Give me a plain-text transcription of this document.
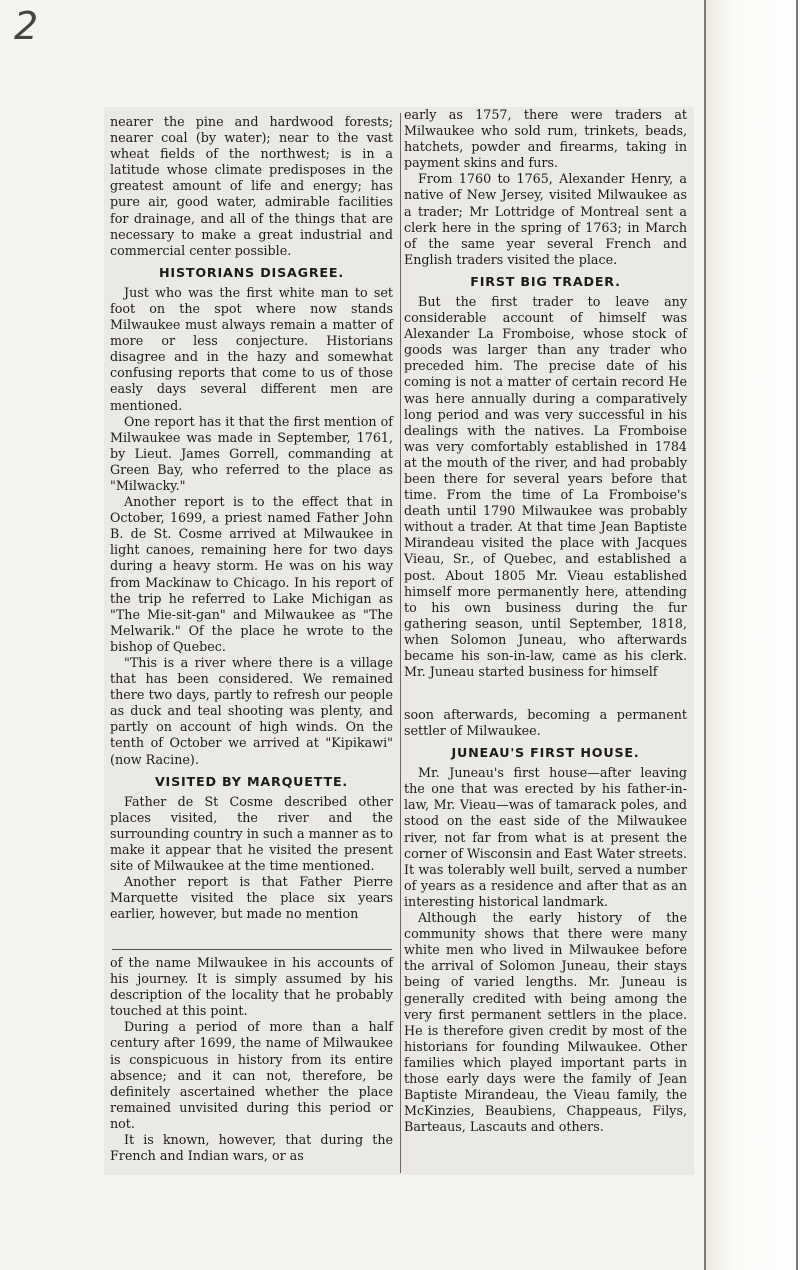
2

nearer the pine and hardwood forests; nearer coal (by water); near to the vast wheat fields of the northwest; is in a latitude whose climate predisposes in the greatest amount of life and energy; has pure air, good water, admirable facilities for drainage, and all of the things that are necessary to make a great industrial and commercial center possible.

HISTORIANS DISAGREE.

Just who was the first white man to set foot on the spot where now stands Milwaukee must always remain a matter of more or less conjecture. Historians disagree and in the hazy and somewhat confusing reports that come to us of those easly days several different men are mentioned.

One report has it that the first mention of Milwaukee was made in September, 1761, by Lieut. James Gorrell, commanding at Green Bay, who referred to the place as "Milwacky."

Another report is to the effect that in October, 1699, a priest named Father John B. de St. Cosme arrived at Milwaukee in light canoes, remaining here for two days during a heavy storm. He was on his way from Mackinaw to Chicago. In his report of the trip he referred to Lake Michigan as "The Mie-sit-gan" and Milwaukee as "The Melwarik." Of the place he wrote to the bishop of Quebec.

"This is a river where there is a village that has been considered. We remained there two days, partly to refresh our people as duck and teal shooting was plenty, and partly on account of high winds. On the tenth of October we arrived at "Kipikawi" (now Racine).

VISITED BY MARQUETTE.

Father de St Cosme described other places visited, the river and the surrounding country in such a manner as to make it appear that he visited the present site of Milwaukee at the time mentioned.

Another report is that Father Pierre Marquette visited the place six years earlier, however, but made no mention

of the name Milwaukee in his accounts of his journey. It is simply assumed by his description of the locality that he probably touched at this point.

During a period of more than a half century after 1699, the name of Milwaukee is conspicuous in history from its entire absence; and it can not, therefore, be definitely ascertained whether the place remained unvisited during this period or not.

It is known, however, that during the French and Indian wars, or as

early as 1757, there were traders at Milwaukee who sold rum, trinkets, beads, hatchets, powder and firearms, taking in payment skins and furs.

From 1760 to 1765, Alexander Henry, a native of New Jersey, visited Milwaukee as a trader; Mr Lottridge of Montreal sent a clerk here in the spring of 1763; in March of the same year several French and English traders visited the place.

FIRST BIG TRADER.

But the first trader to leave any considerable account of himself was Alexander La Fromboise, whose stock of goods was larger than any trader who preceded him. The precise date of his coming is not a matter of certain record He was here annually during a comparatively long period and was very successful in his dealings with the natives. La Fromboise was very comfortably established in 1784 at the mouth of the river, and had probably been there for several years before that time. From the time of La Fromboise's death until 1790 Milwaukee was probably without a trader. At that time Jean Baptiste Mirandeau visited the place with Jacques Vieau, Sr., of Quebec, and established a post. About 1805 Mr. Vieau established himself more permanently here, attending to his own business during the fur gathering season, until September, 1818, when Solomon Juneau, who afterwards became his son-in-law, came as his clerk. Mr. Juneau started business for himself

soon afterwards, becoming a permanent settler of Milwaukee.

JUNEAU'S FIRST HOUSE.

Mr. Juneau's first house—after leaving the one that was erected by his father-in-law, Mr. Vieau—was of tamarack poles, and stood on the east side of the Milwaukee river, not far from what is at present the corner of Wisconsin and East Water streets. It was tolerably well built, served a number of years as a residence and after that as an interesting historical landmark.

Although the early history of the community shows that there were many white men who lived in Milwaukee before the arrival of Solomon Juneau, their stays being of varied lengths. Mr. Juneau is generally credited with being among the very first permanent settlers in the place. He is therefore given credit by most of the historians for founding Milwaukee. Other families which played important parts in those early days were the family of Jean Baptiste Mirandeau, the Vieau family, the McKinzies, Beaubiens, Chappeaus, Filys, Barteaus, Lascauts and others.
